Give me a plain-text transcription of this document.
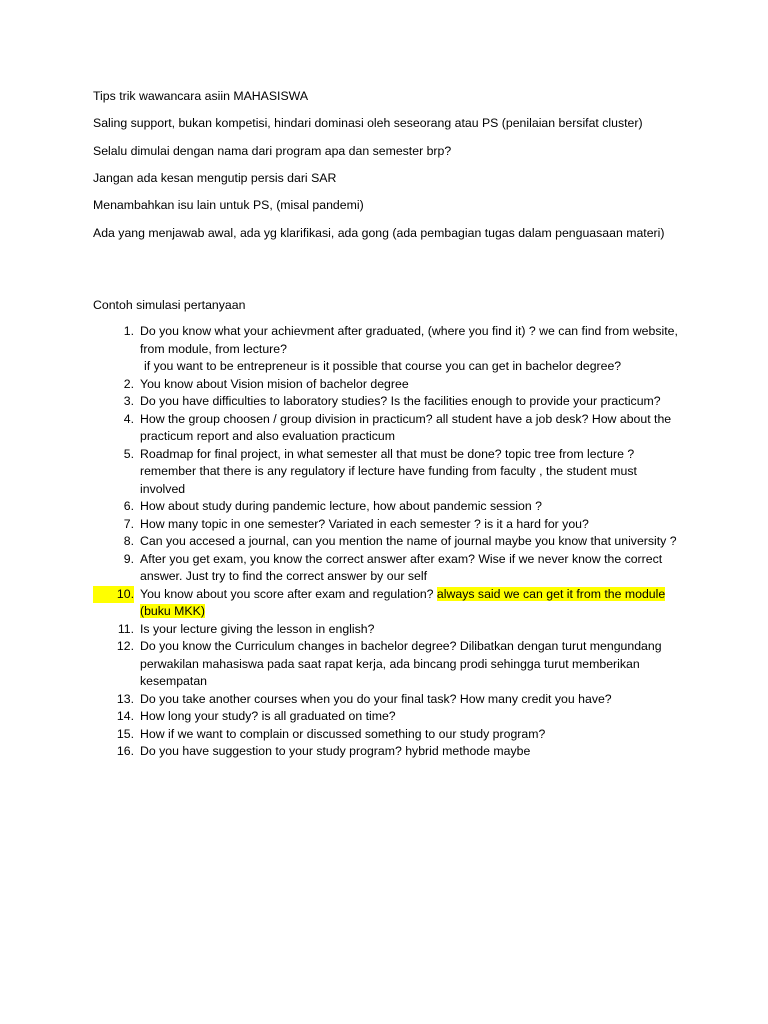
Tips trik wawancara asiin MAHASISWA

Saling support, bukan kompetisi, hindari dominasi oleh seseorang atau PS (penilaian bersifat cluster)

Selalu dimulai dengan nama dari program apa dan semester brp?

Jangan ada kesan mengutip persis dari SAR

Menambahkan isu lain untuk PS, (misal pandemi)

Ada yang menjawab awal, ada yg klarifikasi, ada gong (ada pembagian tugas dalam penguasaan materi)

Contoh simulasi pertanyaan

1. Do you know what your achievment after graduated, (where you find it) ? we can find from website, from module, from lecture?
if you want to be entrepreneur is it possible that course you can get in bachelor degree?
2. You know about Vision mision of bachelor degree
3. Do you have difficulties to laboratory studies? Is the facilities enough to provide your practicum?
4. How the group choosen / group division in practicum? all student have a job desk? How about the practicum report and also evaluation practicum
5. Roadmap for final project, in what semester all that must be done? topic tree from lecture ? remember that there is any regulatory if lecture have funding from faculty , the student must involved
6. How about study during pandemic lecture, how about pandemic session ?
7. How many topic in one semester? Variated in each semester ? is it a hard for you?
8. Can you accesed a journal, can you mention the name of journal maybe you know that university ?
9. After you get exam, you know the correct answer after exam? Wise if we never know the correct answer. Just try to find the correct answer by our self
10. You know about you score after exam and regulation? always said we can get it from the module (buku MKK)
11. Is your lecture giving the lesson in english?
12. Do you know the Curriculum changes in bachelor degree? Dilibatkan dengan turut mengundang perwakilan mahasiswa pada saat rapat kerja, ada bincang prodi sehingga turut memberikan kesempatan
13. Do you take another courses when you do your final task? How many credit you have?
14. How long your study? is all graduated on time?
15. How if we want to complain or discussed something to our study program?
16. Do you have suggestion to your study program? hybrid methode maybe
